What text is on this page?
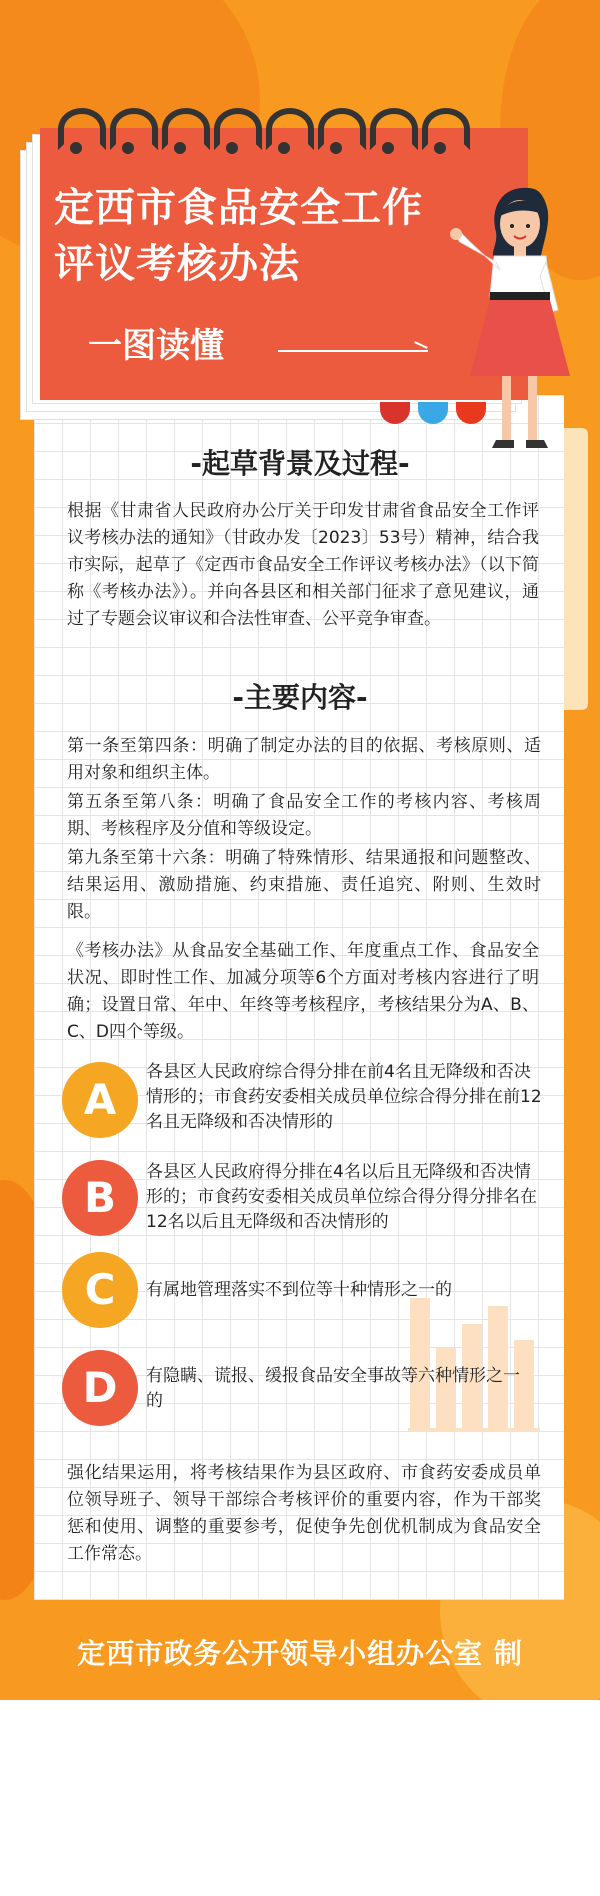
定西市食品安全工作
评议考核办法

一图读懂

-起草背景及过程-

根据《甘肃省人民政府办公厅关于印发甘肃省食品安全工作评议考核办法的通知》（甘政办发〔2023〕53号）精神，结合我市实际，起草了《定西市食品安全工作评议考核办法》（以下简称《考核办法》）。并向各县区和相关部门征求了意见建议，通过了专题会议审议和合法性审查、公平竞争审查。

-主要内容-
第一条至第四条：明确了制定办法的目的依据、考核原则、适用对象和组织主体。
第五条至第八条：明确了食品安全工作的考核内容、考核周期、考核程序及分值和等级设定。
第九条至第十六条：明确了特殊情形、结果通报和问题整改、结果运用、激励措施、约束措施、责任追究、附则、生效时限。

《考核办法》从食品安全基础工作、年度重点工作、食品安全状况、即时性工作、加减分项等6个方面对考核内容进行了明确；设置日常、年中、年终等考核程序，考核结果分为A、B、C、D四个等级。

A

各县区人民政府综合得分排在前4名且无降级和否决情形的；市食药安委相关成员单位综合得分排在前12名且无降级和否决情形的

B

各县区人民政府得分排在4名以后且无降级和否决情形的；市食药安委相关成员单位综合得分得分排名在12名以后且无降级和否决情形的

C	有属地管理落实不到位等十种情形之一的

D	有隐瞒、谎报、缓报食品安全事故等六种情形之一的

强化结果运用，将考核结果作为县区政府、市食药安委成员单位领导班子、领导干部综合考核评价的重要内容，作为干部奖惩和使用、调整的重要参考，促使争先创优机制成为食品安全工作常态。

定西市政务公开领导小组办公室 制
